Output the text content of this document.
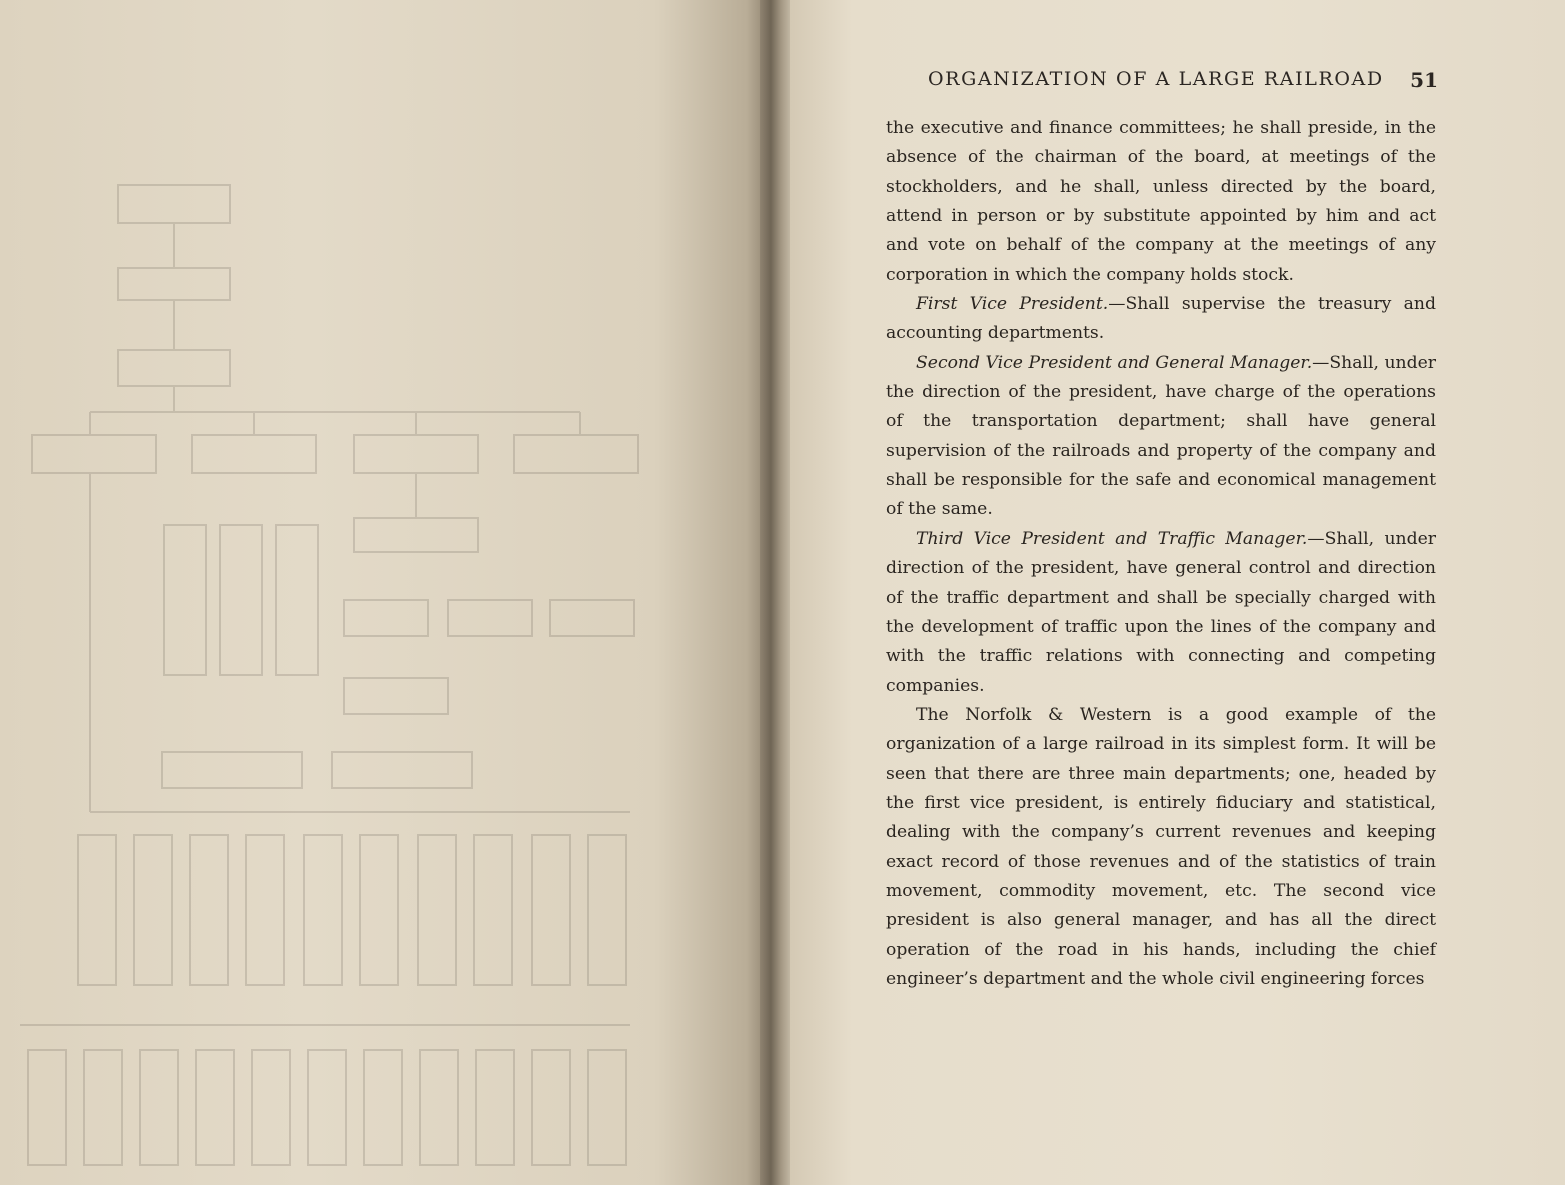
ORGANIZATION OF A LARGE RAILROAD 51

the executive and finance committees; he shall preside, in the absence of the chairman of the board, at meetings of the stockholders, and he shall, unless directed by the board, attend in person or by substitute appointed by him and act and vote on behalf of the company at the meetings of any corporation in which the company holds stock.

First Vice President.—Shall supervise the treasury and accounting departments.

Second Vice President and General Manager.—Shall, under the direction of the president, have charge of the operations of the transportation department; shall have general supervision of the railroads and property of the company and shall be responsible for the safe and economical management of the same.

Third Vice President and Traffic Manager.—Shall, under direction of the president, have general control and direction of the traffic department and shall be specially charged with the development of traffic upon the lines of the company and with the traffic relations with connecting and competing companies.

The Norfolk & Western is a good example of the organization of a large railroad in its simplest form. It will be seen that there are three main departments; one, headed by the first vice president, is entirely fiduciary and statistical, dealing with the company’s current revenues and keeping exact record of those revenues and of the statistics of train movement, commodity movement, etc. The second vice president is also general manager, and has all the direct operation of the road in his hands, including the chief engineer’s department and the whole civil engineering forces
